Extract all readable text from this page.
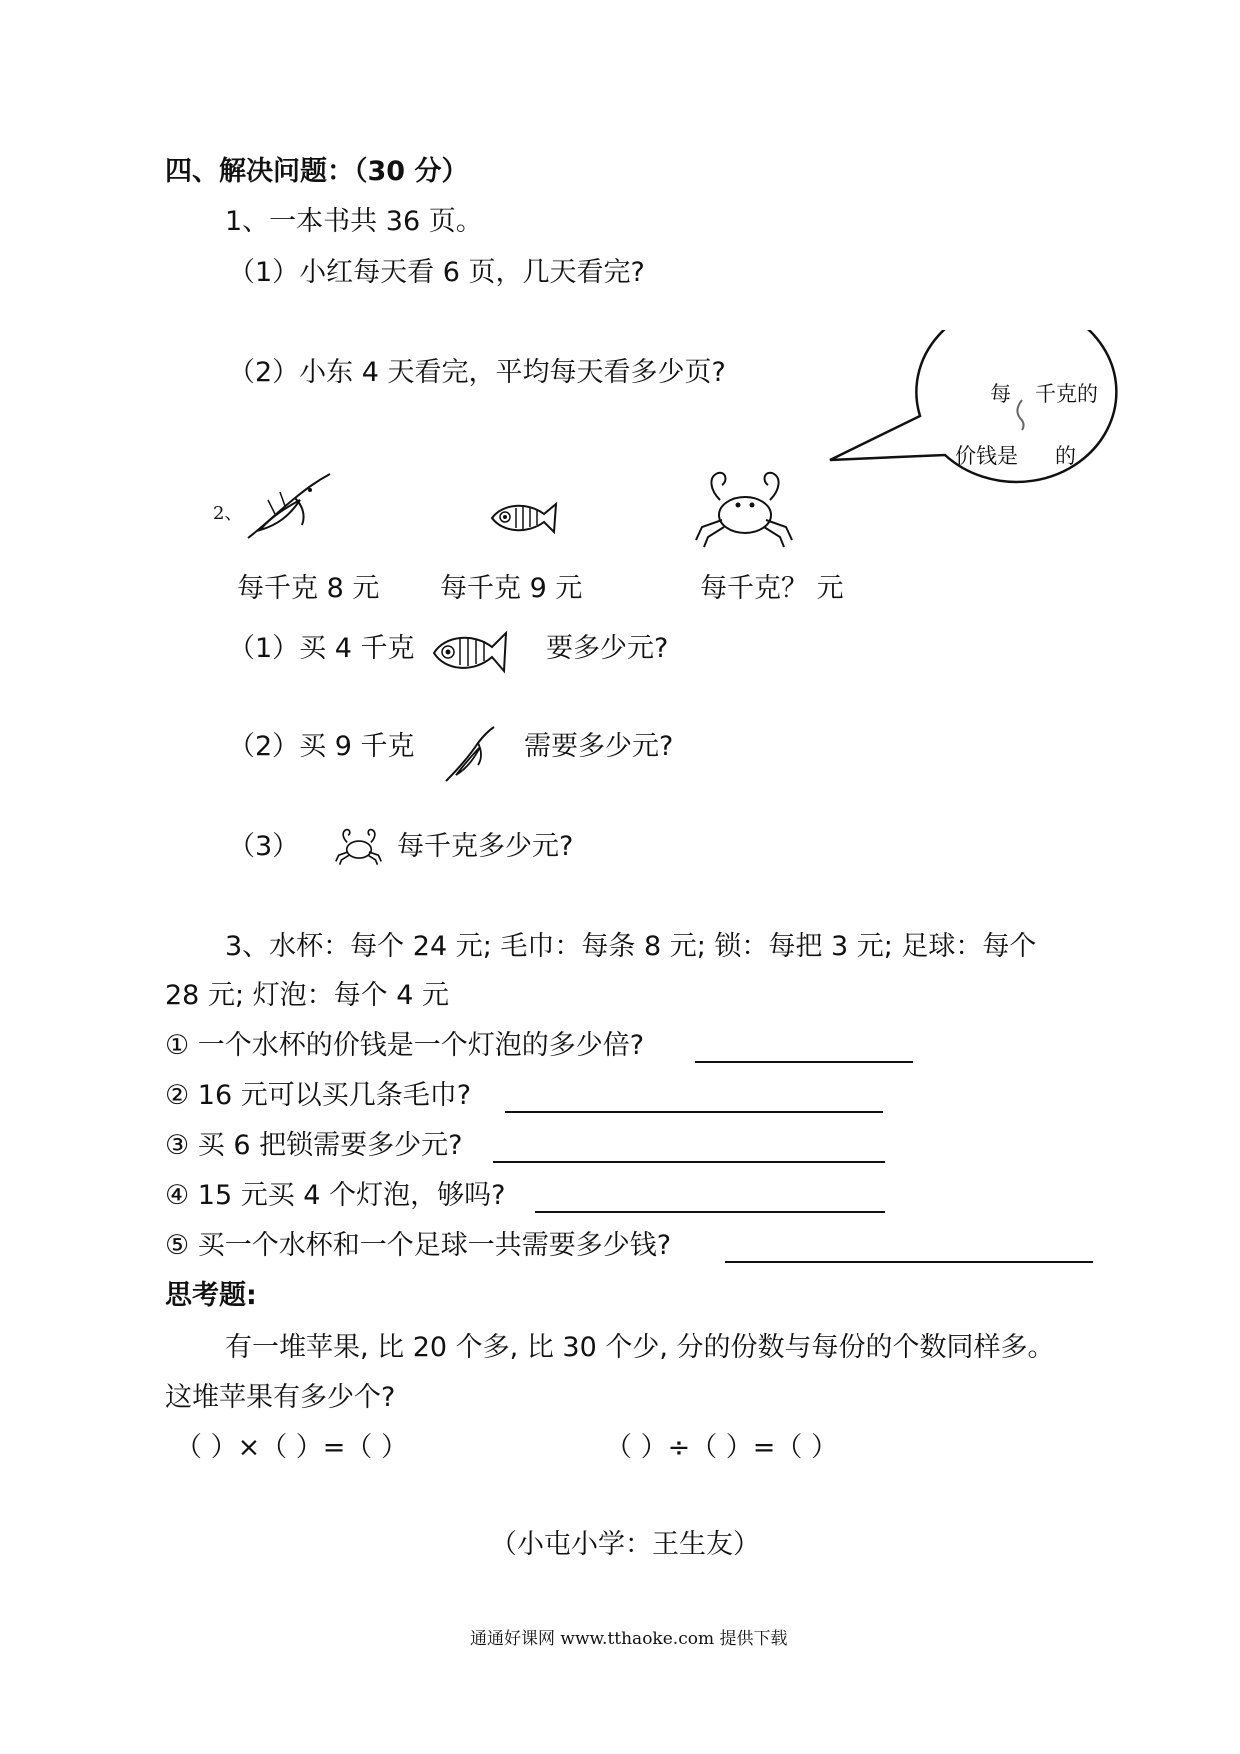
四、解决问题：（30 分）
1、一本书共 36 页。
（1）小红每天看 6 页，几天看完?
（2）小东 4 天看完，平均每天看多少页?
每 千克的
价钱是 的
2、
每千克 8 元 每千克 9 元	每千克？ 元
（1）买 4 千克	要多少元?
（2）买 9 千克	需要多少元?
（3）	每千克多少元?
3、水杯：每个 24 元; 毛巾：每条 8 元; 锁：每把 3 元; 足球：每个
28 元; 灯泡：每个 4 元
① 一个水杯的价钱是一个灯泡的多少倍?
② 16 元可以买几条毛巾?
③ 买 6 把锁需要多少元?
④ 15 元买 4 个灯泡，够吗?
⑤ 买一个水杯和一个足球一共需要多少钱?
思考题:
有一堆苹果, 比 20 个多, 比 30 个少, 分的份数与每份的个数同样多。
这堆苹果有多少个?
（ ）×（ ）=（ ）	（ ）÷（ ）=（ ）
（小屯小学：王生友）
通通好课网 www.tthaoke.com 提供下载
